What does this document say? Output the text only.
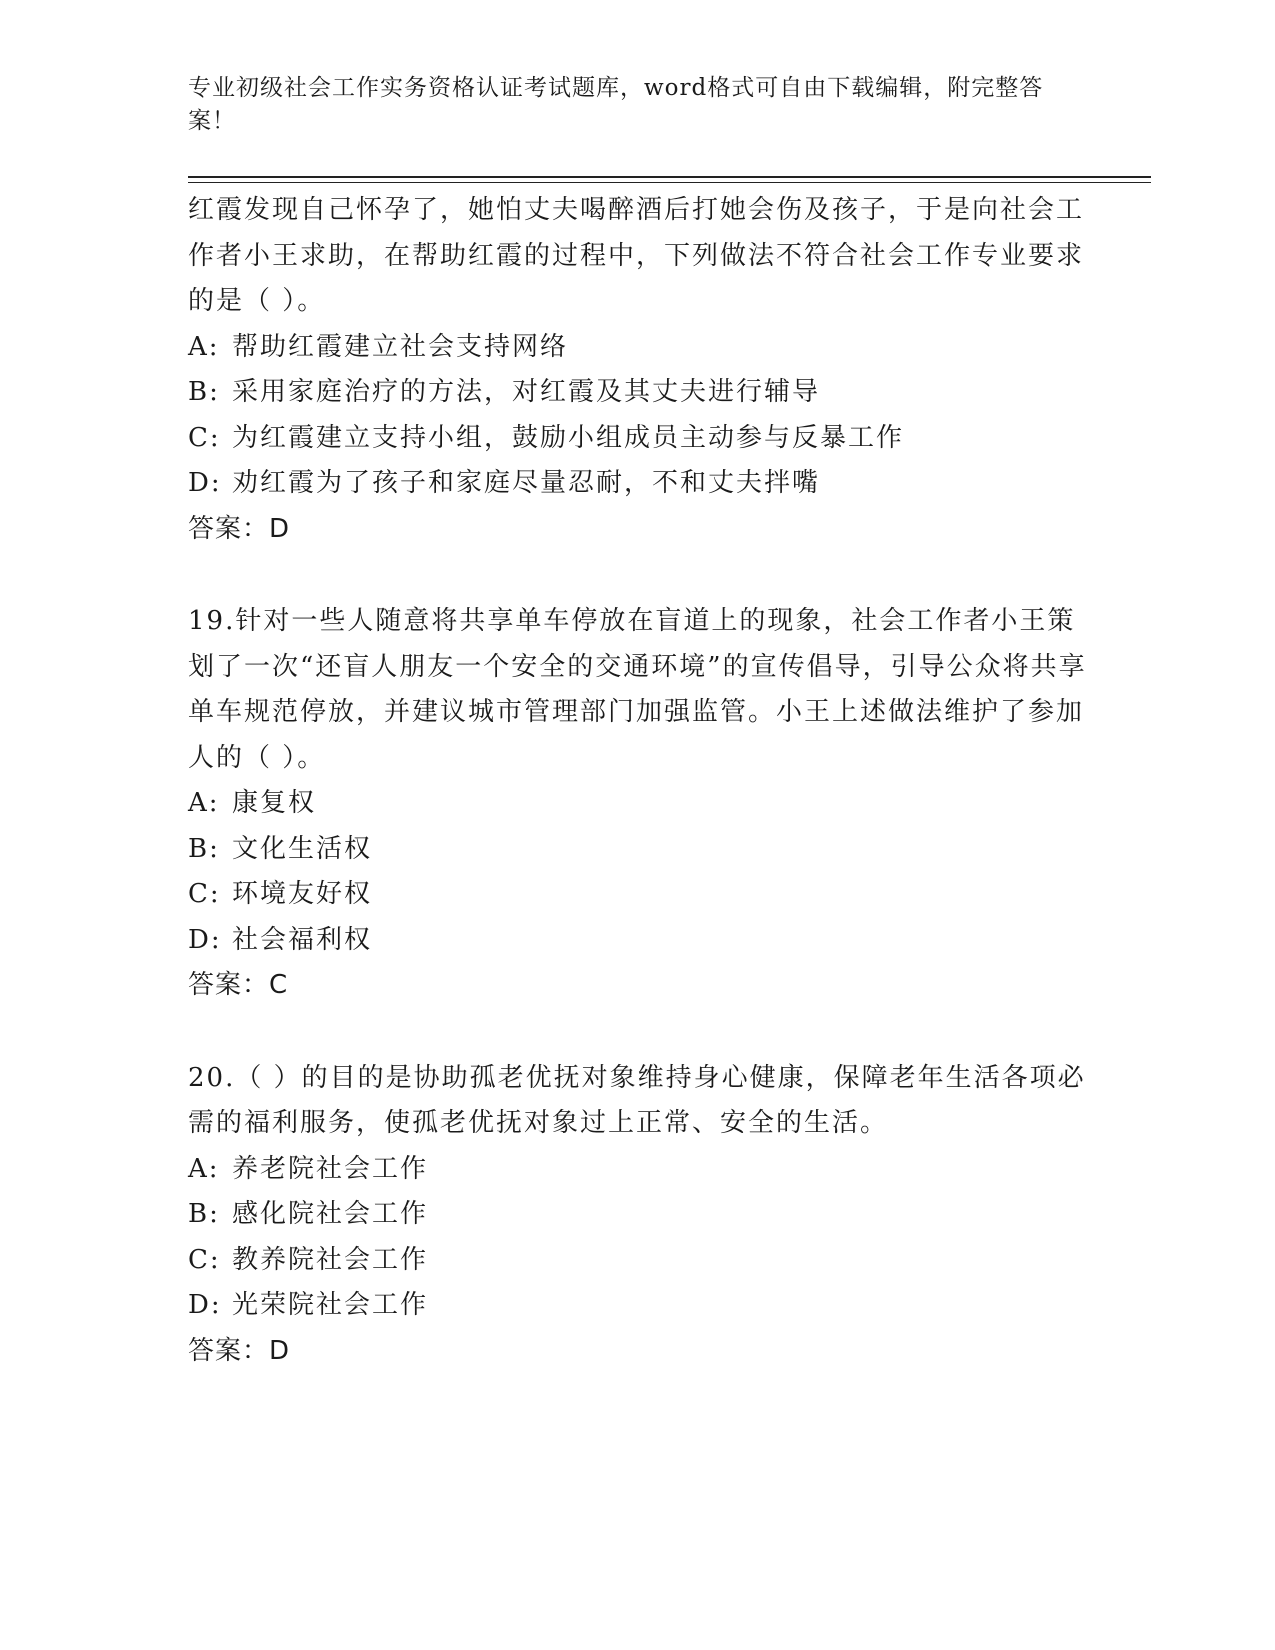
专业初级社会工作实务资格认证考试题库，word格式可自由下载编辑，附完整答案！
红霞发现自己怀孕了，她怕丈夫喝醉酒后打她会伤及孩子，于是向社会工作者小王求助，在帮助红霞的过程中，下列做法不符合社会工作专业要求的是（ ）。
A: 帮助红霞建立社会支持网络
B: 采用家庭治疗的方法，对红霞及其丈夫进行辅导
C: 为红霞建立支持小组，鼓励小组成员主动参与反暴工作
D: 劝红霞为了孩子和家庭尽量忍耐，不和丈夫拌嘴
答案：D
19.针对一些人随意将共享单车停放在盲道上的现象，社会工作者小王策划了一次“还盲人朋友一个安全的交通环境”的宣传倡导，引导公众将共享单车规范停放，并建议城市管理部门加强监管。小王上述做法维护了参加人的（ ）。
A: 康复权
B: 文化生活权
C: 环境友好权
D: 社会福利权
答案：C
20.（ ）的目的是协助孤老优抚对象维持身心健康，保障老年生活各项必需的福利服务，使孤老优抚对象过上正常、安全的生活。
A: 养老院社会工作
B: 感化院社会工作
C: 教养院社会工作
D: 光荣院社会工作
答案：D
